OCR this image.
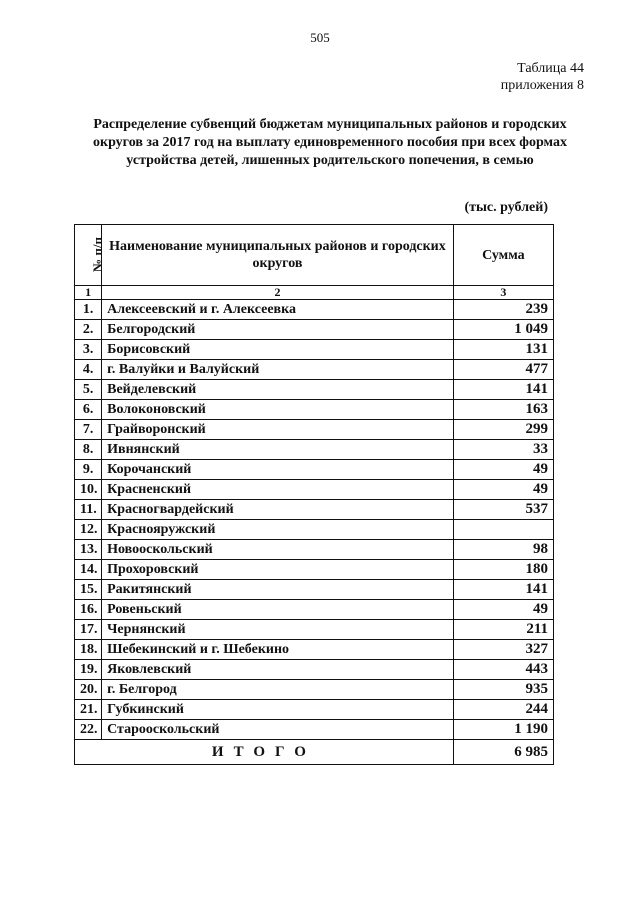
505
Таблица 44
приложения 8
Распределение субвенций бюджетам муниципальных районов и городских округов за 2017 год на выплату единовременного пособия при всех формах устройства детей, лишенных родительского попечения, в семью
(тыс. рублей)
№ п/п	Наименование муниципальных районов и городских округов	Сумма
1	2	3
1.	Алексеевский и г. Алексеевка	239
2.	Белгородский	1 049
3.	Борисовский	131
4.	г. Валуйки и Валуйский	477
5.	Вейделевский	141
6.	Волоконовский	163
7.	Грайворонский	299
8.	Ивнянский	33
9.	Корочанский	49
10.	Красненский	49
11.	Красногвардейский	537
12.	Краснояружский	
13.	Новооскольский	98
14.	Прохоровский	180
15.	Ракитянский	141
16.	Ровеньский	49
17.	Чернянский	211
18.	Шебекинский и г. Шебекино	327
19.	Яковлевский	443
20.	г. Белгород	935
21.	Губкинский	244
22.	Старооскольский	1 190
ИТОГО		6 985
